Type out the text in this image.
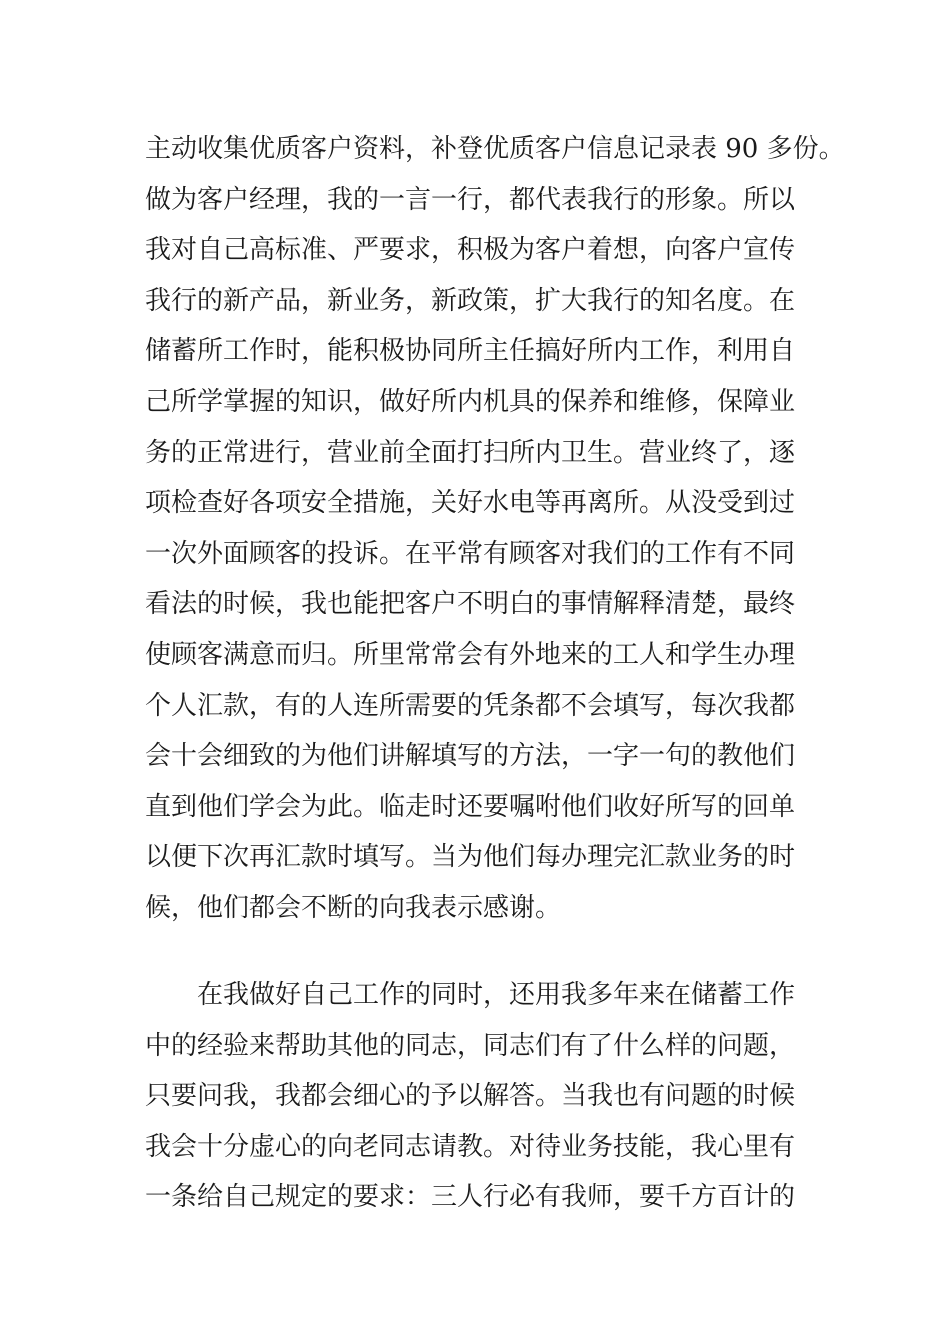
主动收集优质客户资料，补登优质客户信息记录表 90 多份。
做为客户经理，我的一言一行，都代表我行的形象。所以
我对自己高标准、严要求，积极为客户着想，向客户宣传
我行的新产品，新业务，新政策，扩大我行的知名度。在
储蓄所工作时，能积极协同所主任搞好所内工作，利用自
己所学掌握的知识，做好所内机具的保养和维修，保障业
务的正常进行，营业前全面打扫所内卫生。营业终了，逐
项检查好各项安全措施，关好水电等再离所。从没受到过
一次外面顾客的投诉。在平常有顾客对我们的工作有不同
看法的时候，我也能把客户不明白的事情解释清楚，最终
使顾客满意而归。所里常常会有外地来的工人和学生办理
个人汇款，有的人连所需要的凭条都不会填写，每次我都
会十会细致的为他们讲解填写的方法，一字一句的教他们
直到他们学会为此。临走时还要嘱咐他们收好所写的回单
以便下次再汇款时填写。当为他们每办理完汇款业务的时
候，他们都会不断的向我表示感谢。
　　在我做好自己工作的同时，还用我多年来在储蓄工作
中的经验来帮助其他的同志，同志们有了什么样的问题，
只要问我，我都会细心的予以解答。当我也有问题的时候
我会十分虚心的向老同志请教。对待业务技能，我心里有
一条给自己规定的要求：三人行必有我师，要千方百计的
